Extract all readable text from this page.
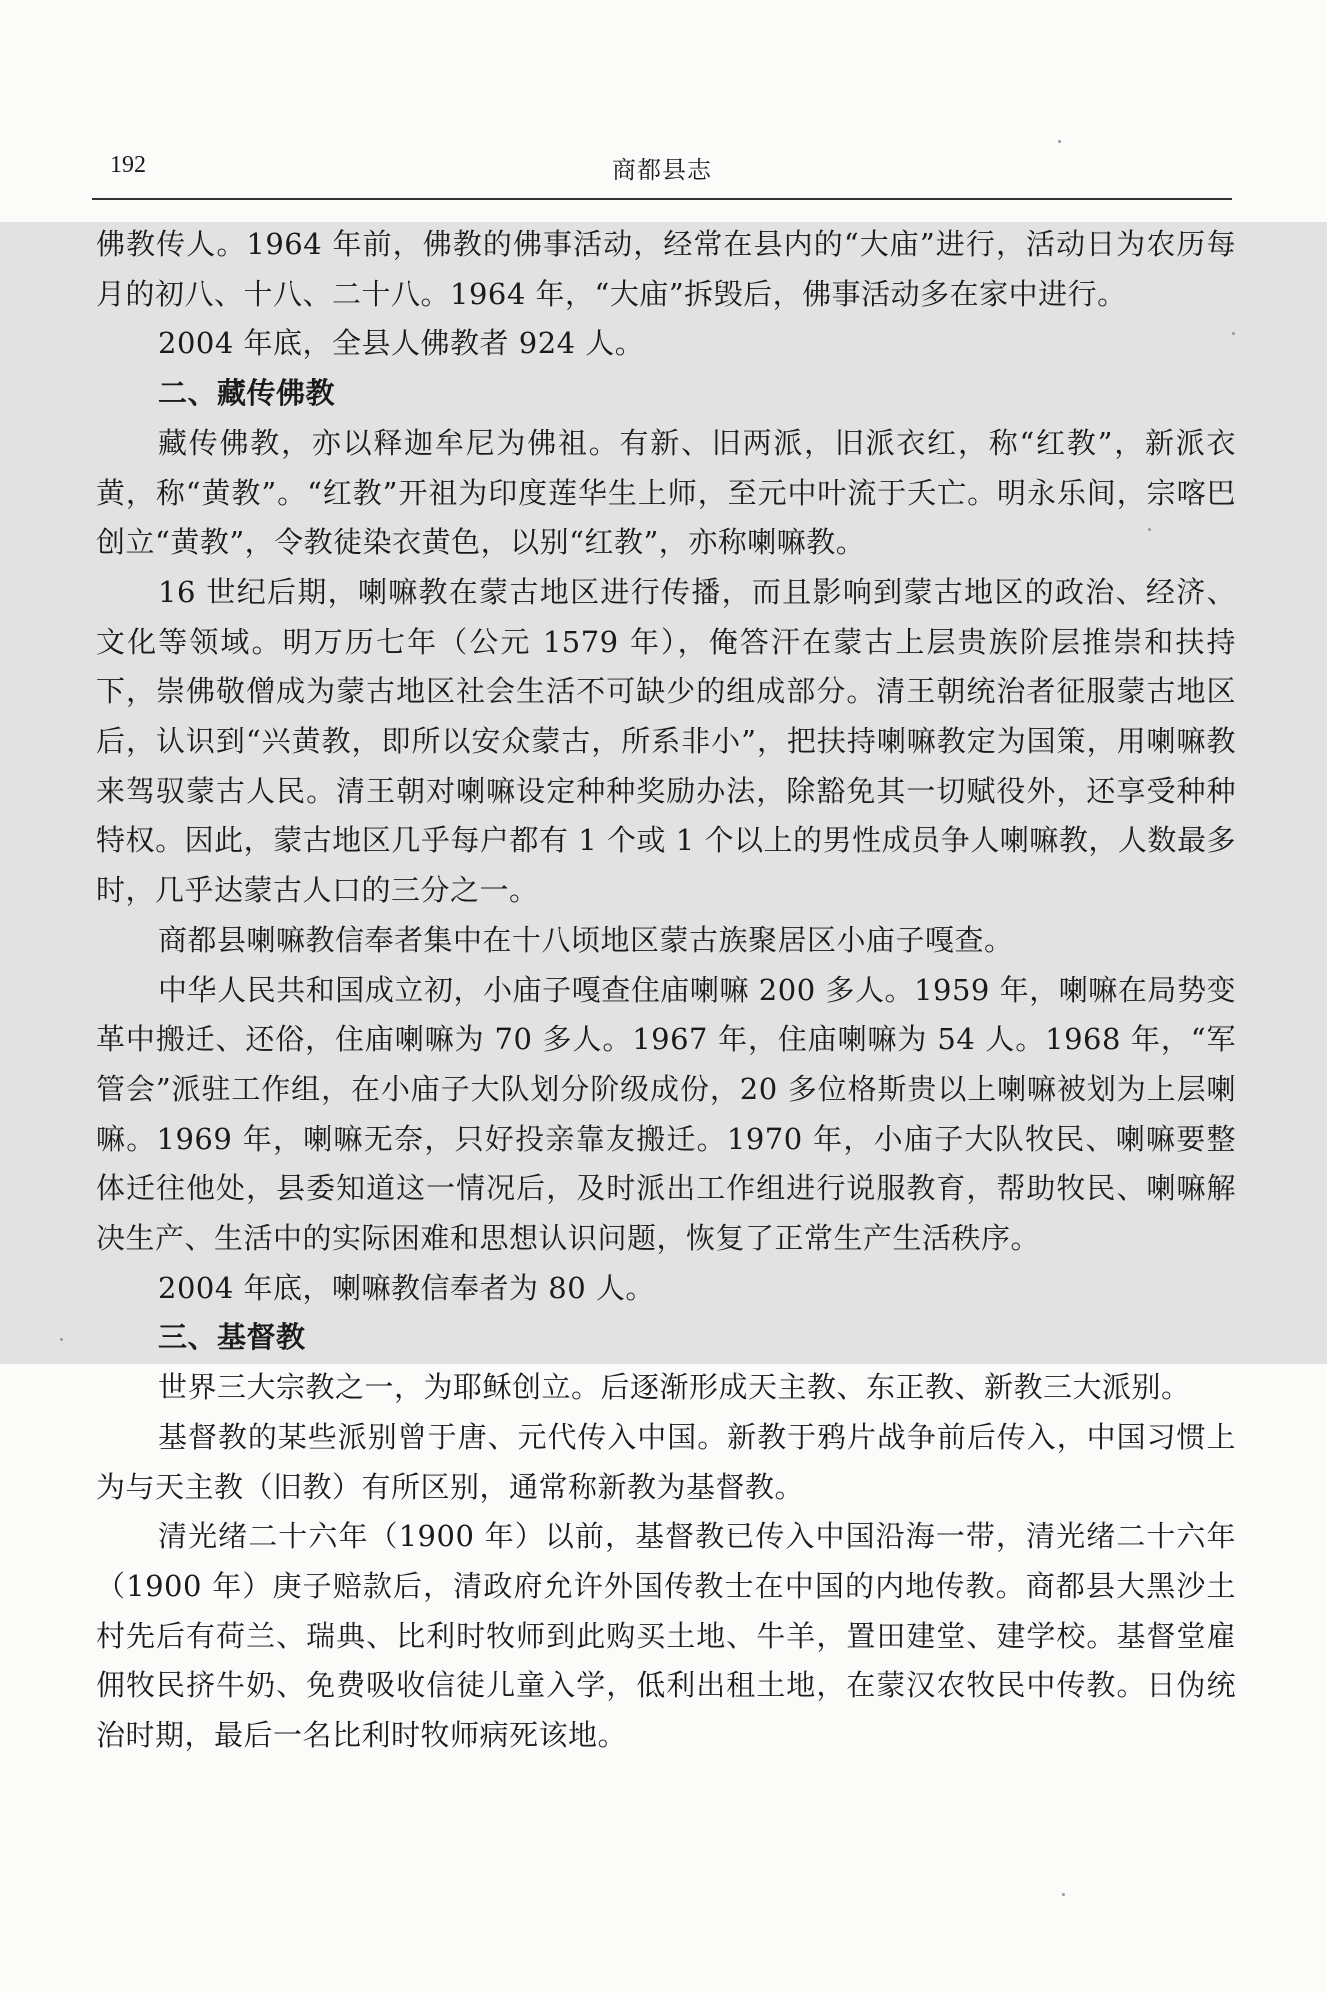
192	商都县志

佛教传人。1964 年前，佛教的佛事活动，经常在县内的“大庙”进行，活动日为农历每月的初八、十八、二十八。1964 年，“大庙”拆毁后，佛事活动多在家中进行。

2004 年底，全县人佛教者 924 人。

二、藏传佛教

藏传佛教，亦以释迦牟尼为佛祖。有新、旧两派，旧派衣红，称“红教”，新派衣黄，称“黄教”。“红教”开祖为印度莲华生上师，至元中叶流于夭亡。明永乐间，宗喀巴创立“黄教”，令教徒染衣黄色，以别“红教”，亦称喇嘛教。

16 世纪后期，喇嘛教在蒙古地区进行传播，而且影响到蒙古地区的政治、经济、文化等领域。明万历七年（公元 1579 年），俺答汗在蒙古上层贵族阶层推崇和扶持下，崇佛敬僧成为蒙古地区社会生活不可缺少的组成部分。清王朝统治者征服蒙古地区后，认识到“兴黄教，即所以安众蒙古，所系非小”，把扶持喇嘛教定为国策，用喇嘛教来驾驭蒙古人民。清王朝对喇嘛设定种种奖励办法，除豁免其一切赋役外，还享受种种特权。因此，蒙古地区几乎每户都有 1 个或 1 个以上的男性成员争人喇嘛教，人数最多时，几乎达蒙古人口的三分之一。

商都县喇嘛教信奉者集中在十八顷地区蒙古族聚居区小庙子嘎查。

中华人民共和国成立初，小庙子嘎查住庙喇嘛 200 多人。1959 年，喇嘛在局势变革中搬迁、还俗，住庙喇嘛为 70 多人。1967 年，住庙喇嘛为 54 人。1968 年，“军管会”派驻工作组，在小庙子大队划分阶级成份，20 多位格斯贵以上喇嘛被划为上层喇嘛。1969 年，喇嘛无奈，只好投亲靠友搬迁。1970 年，小庙子大队牧民、喇嘛要整体迁往他处，县委知道这一情况后，及时派出工作组进行说服教育，帮助牧民、喇嘛解决生产、生活中的实际困难和思想认识问题，恢复了正常生产生活秩序。

2004 年底，喇嘛教信奉者为 80 人。

三、基督教

世界三大宗教之一，为耶稣创立。后逐渐形成天主教、东正教、新教三大派别。

基督教的某些派别曾于唐、元代传入中国。新教于鸦片战争前后传入，中国习惯上为与天主教（旧教）有所区别，通常称新教为基督教。

清光绪二十六年（1900 年）以前，基督教已传入中国沿海一带，清光绪二十六年（1900 年）庚子赔款后，清政府允许外国传教士在中国的内地传教。商都县大黑沙土村先后有荷兰、瑞典、比利时牧师到此购买土地、牛羊，置田建堂、建学校。基督堂雇佣牧民挤牛奶、免费吸收信徒儿童入学，低利出租土地，在蒙汉农牧民中传教。日伪统治时期，最后一名比利时牧师病死该地。
